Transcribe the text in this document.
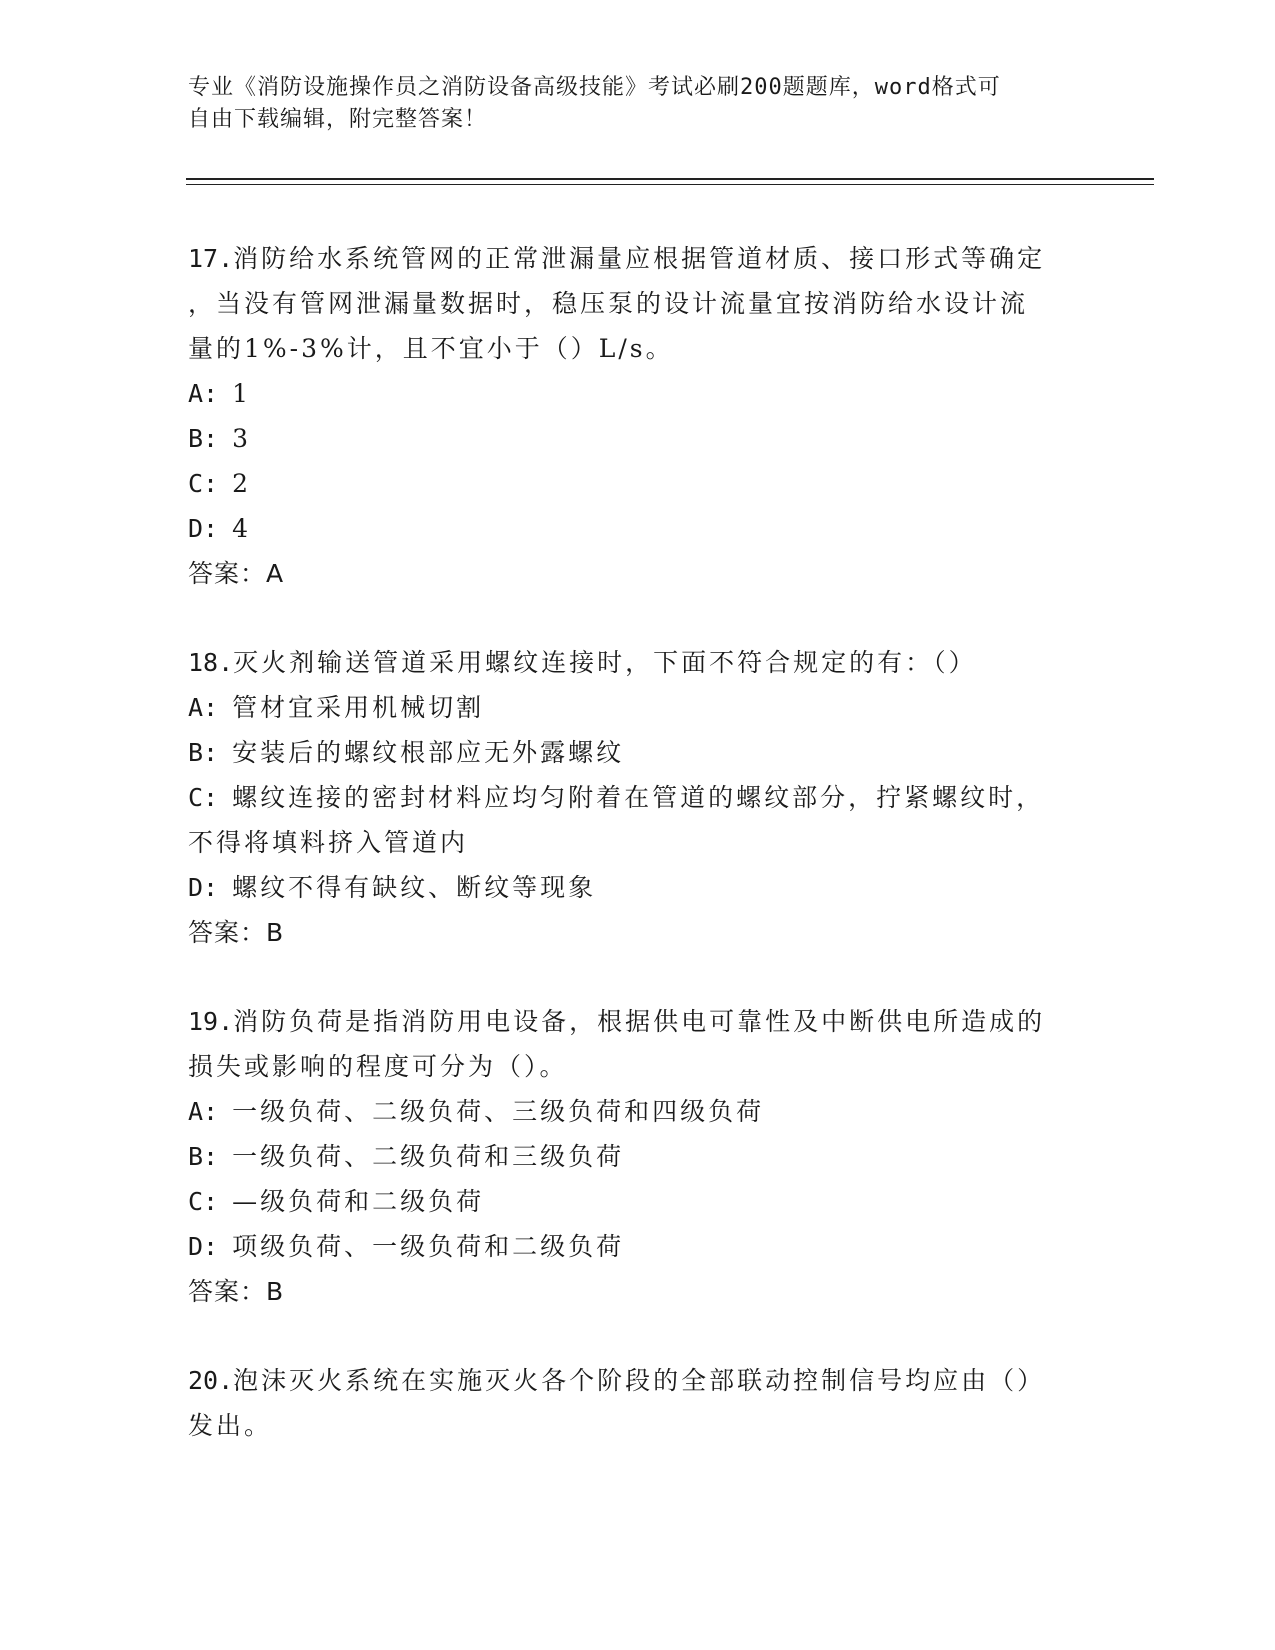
专业《消防设施操作员之消防设备高级技能》考试必刷200题题库，word格式可
自由下载编辑，附完整答案！
17.消防给水系统管网的正常泄漏量应根据管道材质、接口形式等确定
，当没有管网泄漏量数据时，稳压泵的设计流量宜按消防给水设计流
量的1%-3%计，且不宜小于（）L/s。
A: 1
B: 3
C: 2
D: 4
答案：A
18.灭火剂输送管道采用螺纹连接时，下面不符合规定的有：（）
A: 管材宜采用机械切割
B: 安装后的螺纹根部应无外露螺纹
C: 螺纹连接的密封材料应均匀附着在管道的螺纹部分，拧紧螺纹时，
不得将填料挤入管道内
D: 螺纹不得有缺纹、断纹等现象
答案：B
19.消防负荷是指消防用电设备，根据供电可靠性及中断供电所造成的
损失或影响的程度可分为（）。
A: 一级负荷、二级负荷、三级负荷和四级负荷
B: 一级负荷、二级负荷和三级负荷
C: —级负荷和二级负荷
D: 项级负荷、一级负荷和二级负荷
答案：B
20.泡沫灭火系统在实施灭火各个阶段的全部联动控制信号均应由（）
发出。
